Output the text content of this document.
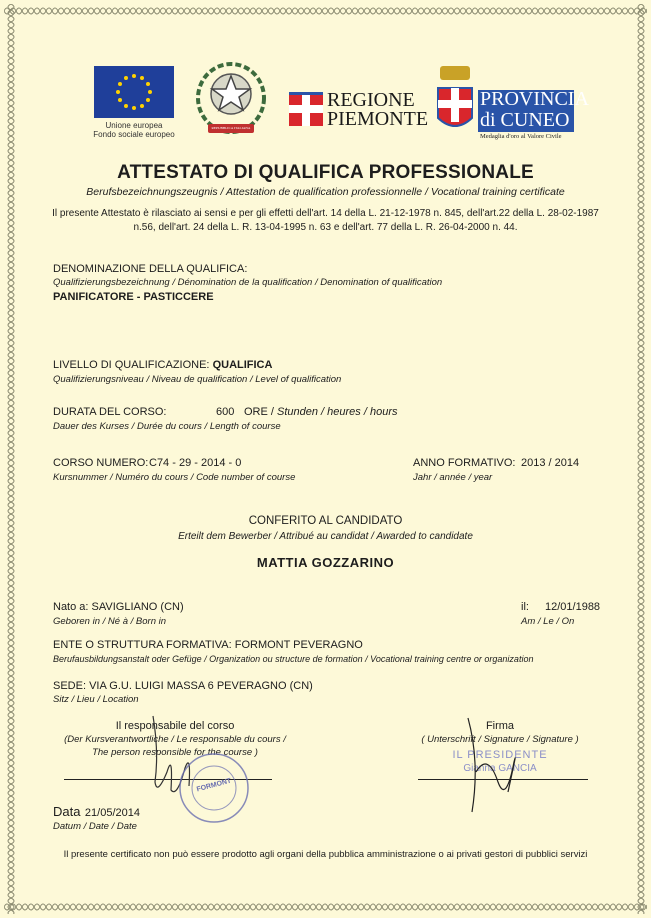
Unione europea
Fondo sociale europeo
REPUBBLICA ITALIANA
REGIONE
PIEMONTE
PROVINCIA
di CUNEO
Medaglia d'oro al Valore Civile
ATTESTATO DI QUALIFICA PROFESSIONALE
Berufsbezeichnungszeugnis / Attestation de qualification professionnelle / Vocational training certificate
Il presente Attestato è rilasciato ai sensi e per gli effetti dell'art. 14 della L. 21-12-1978 n. 845, dell'art.22 della L. 28-02-1987
n.56, dell'art. 24 della L. R. 13-04-1995 n. 63 e dell'art. 77 della L. R. 26-04-2000 n. 44.
DENOMINAZIONE DELLA QUALIFICA:
Qualifizierungsbezeichnung / Dénomination de la qualification / Denomination of qualification
PANIFICATORE - PASTICCERE
LIVELLO DI QUALIFICAZIONE: QUALIFICA
Qualifizierungsniveau / Niveau de qualification / Level of qualification
DURATA DEL CORSO:	600 ORE / Stunden / heures / hours
Dauer des Kurses / Durée du cours / Length of course
CORSO NUMERO: C74 - 29 - 2014 - 0
Kursnummer / Numéro du cours / Code number of course
ANNO FORMATIVO: 2013 / 2014
Jahr / année / year
CONFERITO AL CANDIDATO
Erteilt dem Bewerber / Attribué au candidat / Awarded to candidate
MATTIA GOZZARINO
Nato a: SAVIGLIANO (CN)
Geboren in / Né à / Born in
il: 12/01/1988
Am / Le / On
ENTE O STRUTTURA FORMATIVA: FORMONT PEVERAGNO
Berufausbildungsanstalt oder Gefüge / Organization ou structure de formation / Vocational training centre or organization
SEDE: VIA G.U. LUIGI MASSA 6 PEVERAGNO (CN)
Sitz / Lieu / Location
Il responsabile del corso
(Der Kursverantwortliche / Le responsable du cours /
The person responsible for the course )
FORMONT
Firma
( Unterschrift / Signature / Signature )
IL PRESIDENTE
Gianna GANCIA
Data 21/05/2014
Datum / Date / Date
Il presente certificato non può essere prodotto agli organi della pubblica amministrazione o ai privati gestori di pubblici servizi
